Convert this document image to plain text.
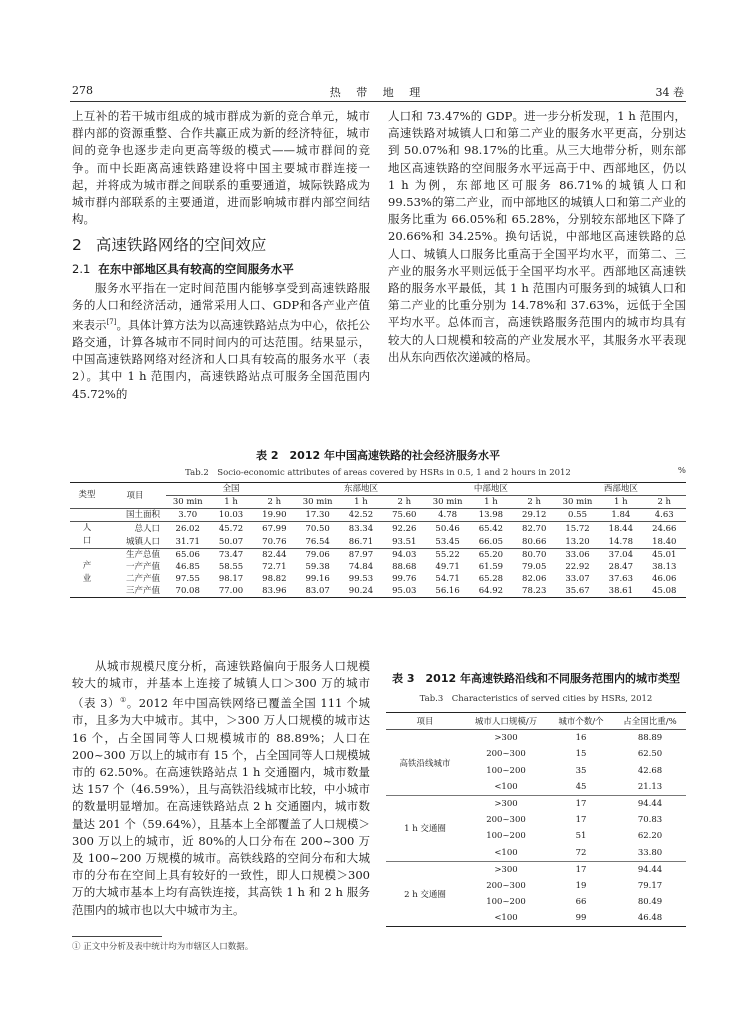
278	热 带 地 理	34 卷

上互补的若干城市组成的城市群成为新的竞合单元，城市群内部的资源重整、合作共赢正成为新的经济特征，城市间的竞争也逐步走向更高等级的模式——城市群间的竞争。而中长距离高速铁路建设将中国主要城市群连接一起，并将成为城市群之间联系的重要通道，城际铁路成为城市群内部联系的主要通道，进而影响城市群内部空间结构。

2 高速铁路网络的空间效应
2.1 在东中部地区具有较高的空间服务水平

服务水平指在一定时间范围内能够享受到高速铁路服务的人口和经济活动，通常采用人口、GDP和各产业产值来表示[7]。具体计算方法为以高速铁路站点为中心，依托公路交通，计算各城市不同时间内的可达范围。结果显示，中国高速铁路网络对经济和人口具有较高的服务水平（表 2）。其中 1 h 范围内，高速铁路站点可服务全国范围内 45.72%的

人口和 73.47%的 GDP。进一步分析发现，1 h 范围内，高速铁路对城镇人口和第二产业的服务水平更高，分别达到 50.07%和 98.17%的比重。从三大地带分析，则东部地区高速铁路的空间服务水平远高于中、西部地区，仍以 1 h 为例，东部地区可服务 86.71%的城镇人口和 99.53%的第二产业，而中部地区的城镇人口和第二产业的服务比重为 66.05%和 65.28%，分别较东部地区下降了 20.66%和 34.25%。换句话说，中部地区高速铁路的总人口、城镇人口服务比重高于全国平均水平，而第二、三产业的服务水平则远低于全国平均水平。西部地区高速铁路的服务水平最低，其 1 h 范围内可服务到的城镇人口和第二产业的比重分别为 14.78%和 37.63%，远低于全国平均水平。总体而言，高速铁路服务范围内的城市均具有较大的人口规模和较高的产业发展水平，其服务水平表现出从东向西依次递减的格局。

表 2　2012 年中国高速铁路的社会经济服务水平
Tab.2　Socio-economic attributes of areas covered by HSRs in 0.5, 1 and 2 hours in 2012	%
类型	项目	全国			东部地区			中部地区			西部地区		
		30 min	1 h	2 h	30 min	1 h	2 h	30 min	1 h	2 h	30 min	1 h	2 h
国土面积		3.70	10.03	19.90	17.30	42.52	75.60	4.78	13.98	29.12	0.55	1.84	4.63
人口	总人口	26.02	45.72	67.99	70.50	83.34	92.26	50.46	65.42	82.70	15.72	18.44	24.66
	城镇人口	31.71	50.07	70.76	76.54	86.71	93.51	53.45	66.05	80.66	13.20	14.78	18.40
产业	生产总值	65.06	73.47	82.44	79.06	87.97	94.03	55.22	65.20	80.70	33.06	37.04	45.01
	一产产值	46.85	58.55	72.71	59.38	74.84	88.68	49.71	61.59	79.05	22.92	28.47	38.13
	二产产值	97.55	98.17	98.82	99.16	99.53	99.76	54.71	65.28	82.06	33.07	37.63	46.06
	三产产值	70.08	77.00	83.96	83.07	90.24	95.03	56.16	64.92	78.23	35.67	38.61	45.08

从城市规模尺度分析，高速铁路偏向于服务人口规模较大的城市，并基本上连接了城镇人口＞300 万的城市（表 3）①。2012 年中国高铁网络已覆盖全国 111 个城市，且多为大中城市。其中，＞300 万人口规模的城市达 16 个，占全国同等人口规模城市的 88.89%；人口在 200~300 万以上的城市有 15 个，占全国同等人口规模城市的 62.50%。在高速铁路站点 1 h 交通圈内，城市数量达 157 个（46.59%），且与高铁沿线城市比较，中小城市的数量明显增加。在高速铁路站点 2 h 交通圈内，城市数量达 201 个（59.64%），且基本上全部覆盖了人口规模＞300 万以上的城市，近 80%的人口分布在 200~300 万及 100~200 万规模的城市。高铁线路的空间分布和大城市的分布在空间上具有较好的一致性，即人口规模＞300 万的大城市基本上均有高铁连接，其高铁 1 h 和 2 h 服务范围内的城市也以大中城市为主。

表 3　2012 年高速铁路沿线和不同服务范围内的城市类型
Tab.3　Characteristics of served cities by HSRs, 2012
项目	城市人口规模/万	城市个数/个	占全国比重/%
高铁沿线城市	>300	16	88.89
	200~300	15	62.50
	100~200	35	42.68
	<100	45	21.13
1 h 交通圈	>300	17	94.44
	200~300	17	70.83
	100~200	51	62.20
	<100	72	33.80
2 h 交通圈	>300	17	94.44
	200~300	19	79.17
	100~200	66	80.49
	<100	99	46.48
① 正文中分析及表中统计均为市辖区人口数据。
